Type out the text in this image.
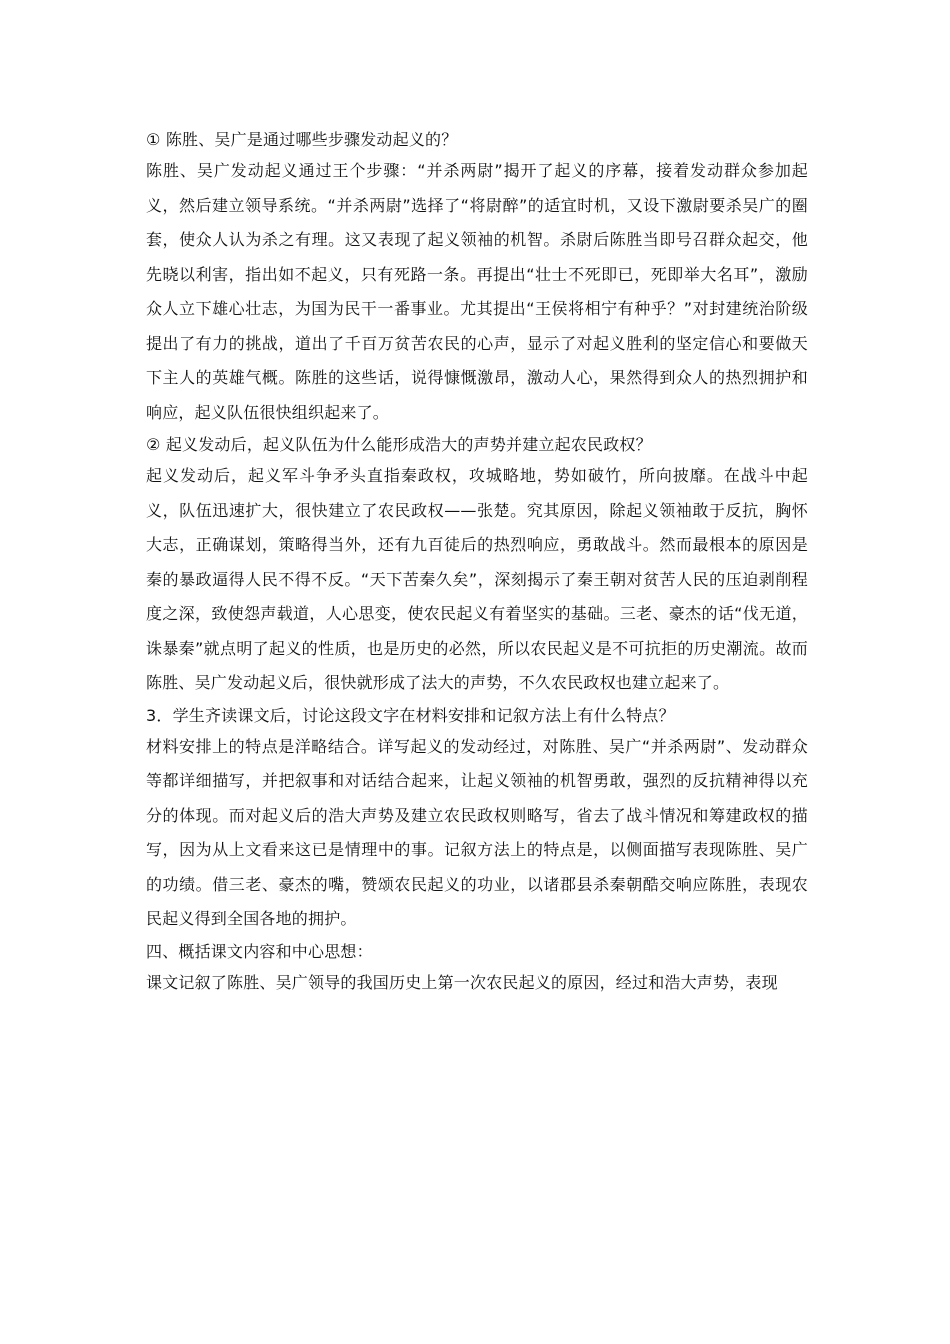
① 陈胜、吴广是通过哪些步骤发动起义的？

陈胜、吴广发动起义通过王个步骤：“并杀两尉”揭开了起义的序幕，接着发动群众参加起义，然后建立领导系统。“并杀两尉”选择了“将尉醉”的适宜时机，又设下激尉要杀吴广的圈套，使众人认为杀之有理。这又表现了起义领袖的机智。杀尉后陈胜当即号召群众起交，他先晓以利害，指出如不起义，只有死路一条。再提出“壮士不死即已，死即举大名耳”，激励众人立下雄心壮志，为国为民干一番事业。尤其提出“王侯将相宁有种乎？”对封建统治阶级提出了有力的挑战，道出了千百万贫苦农民的心声，显示了对起义胜利的坚定信心和要做天下主人的英雄气概。陈胜的这些话，说得慷慨激昂，激动人心，果然得到众人的热烈拥护和响应，起义队伍很快组织起来了。

② 起义发动后，起义队伍为什么能形成浩大的声势并建立起农民政权？

起义发动后，起义军斗争矛头直指秦政权，攻城略地，势如破竹，所向披靡。在战斗中起义，队伍迅速扩大，很快建立了农民政权——张楚。究其原因，除起义领袖敢于反抗，胸怀大志，正确谋划，策略得当外，还有九百徒后的热烈响应，勇敢战斗。然而最根本的原因是秦的暴政逼得人民不得不反。“天下苦秦久矣”，深刻揭示了秦王朝对贫苦人民的压迫剥削程度之深，致使怨声载道，人心思变，使农民起义有着坚实的基础。三老、豪杰的话“伐无道，诛暴秦”就点明了起义的性质，也是历史的必然，所以农民起义是不可抗拒的历史潮流。故而陈胜、吴广发动起义后，很快就形成了法大的声势，不久农民政权也建立起来了。

3．学生齐读课文后，讨论这段文字在材料安排和记叙方法上有什么特点？

材料安排上的特点是洋略结合。详写起义的发动经过，对陈胜、吴广“并杀两尉”、发动群众等都详细描写，并把叙事和对话结合起来，让起义领袖的机智勇敢，强烈的反抗精神得以充分的体现。而对起义后的浩大声势及建立农民政权则略写，省去了战斗情况和筹建政权的描写，因为从上文看来这已是情理中的事。记叙方法上的特点是，以侧面描写表现陈胜、吴广的功绩。借三老、豪杰的嘴，赞颂农民起义的功业，以诸郡县杀秦朝酷交响应陈胜，表现农民起义得到全国各地的拥护。

四、概括课文内容和中心思想：

课文记叙了陈胜、吴广领导的我国历史上第一次农民起义的原因，经过和浩大声势，表现
